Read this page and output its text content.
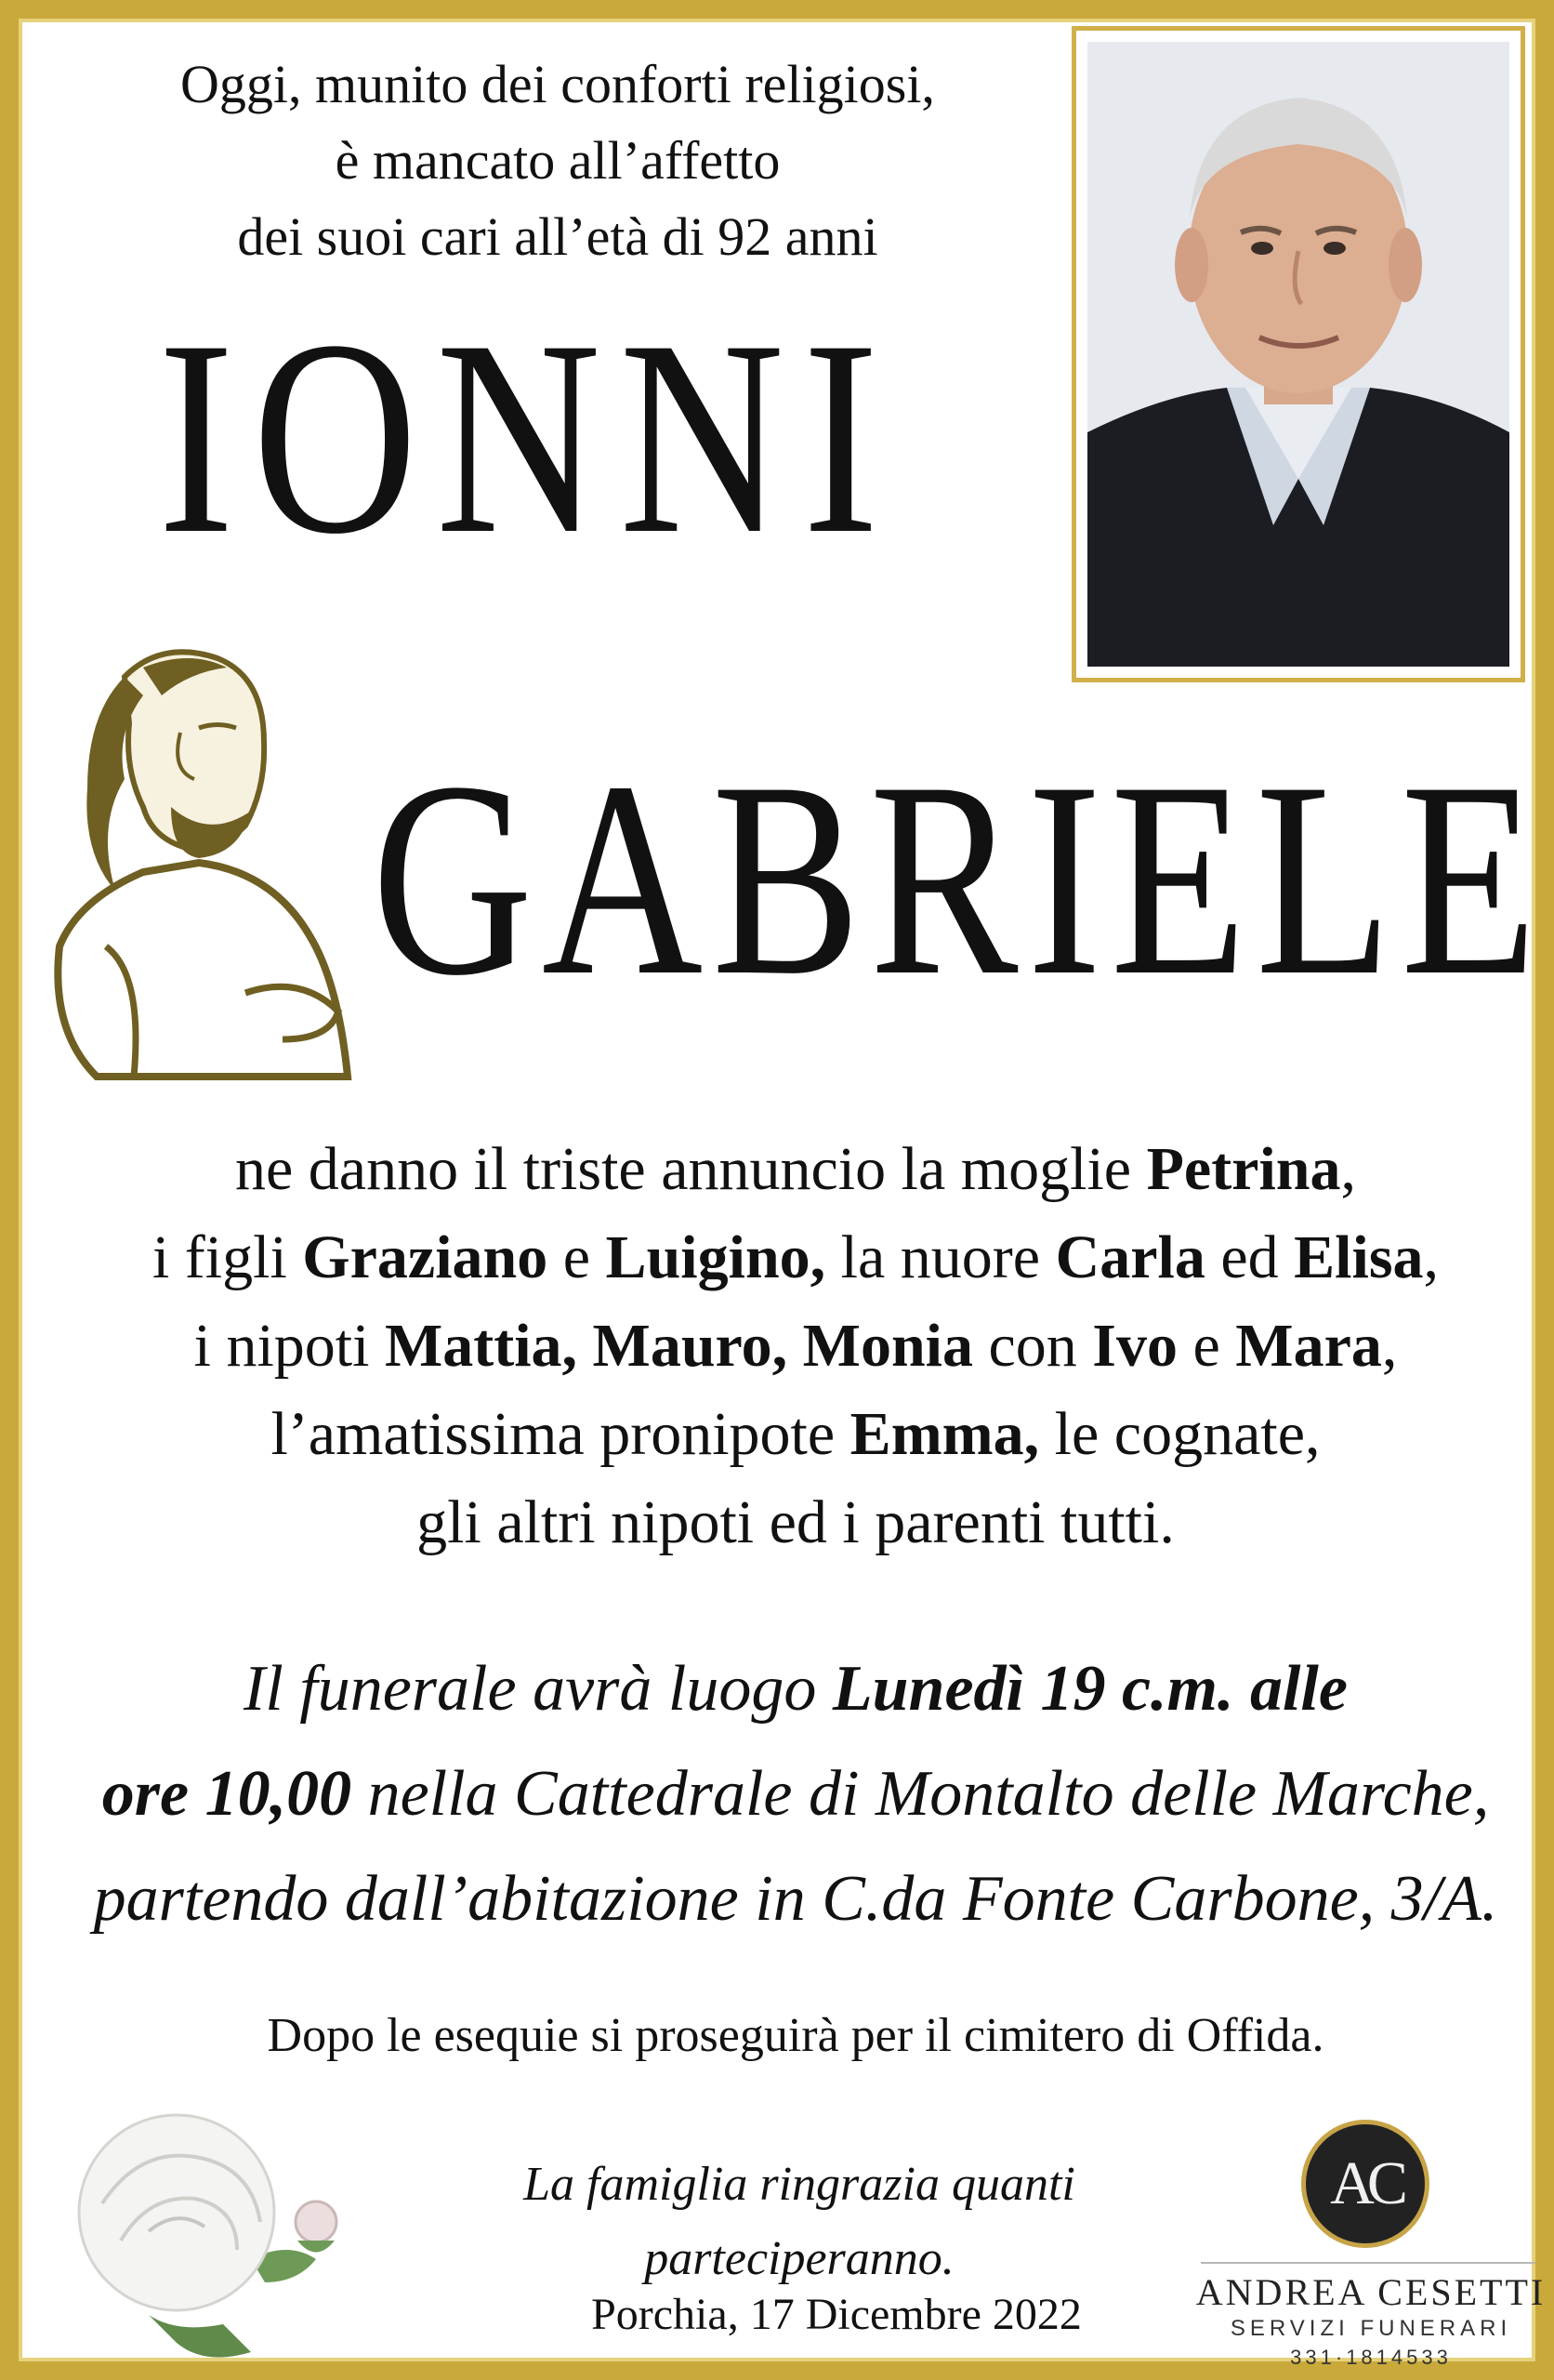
Oggi, munito dei conforti religiosi,
è mancato all’affetto
dei suoi cari all’età di 92 anni
IONNI
GABRIELE
ne danno il triste annuncio la moglie Petrina,
i figli Graziano e Luigino, la nuore Carla ed Elisa,
i nipoti Mattia, Mauro, Monia con Ivo e Mara,
l’amatissima pronipote Emma, le cognate,
gli altri nipoti ed i parenti tutti.
Il funerale avrà luogo Lunedì 19 c.m. alle
ore 10,00 nella Cattedrale di Montalto delle Marche,
partendo dall’abitazione in C.da Fonte Carbone, 3/A.
Dopo le esequie si proseguirà per il cimitero di Offida.
La famiglia ringrazia quanti parteciperanno.
Porchia, 17 Dicembre 2022
AC
ANDREA CESETTI
SERVIZI FUNERARI
331·1814533
